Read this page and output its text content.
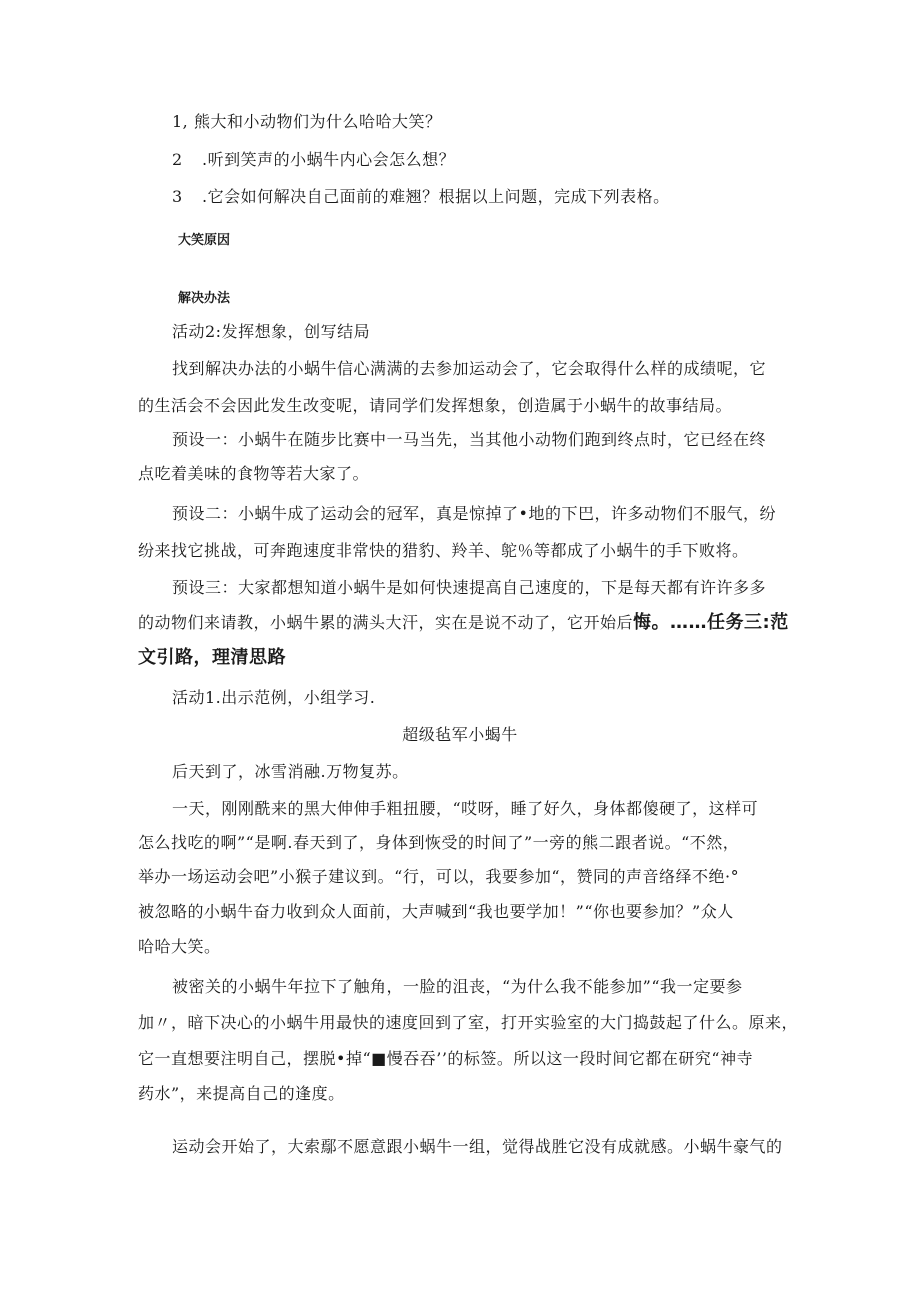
1, 熊大和小动物们为什么哈哈大笑？
2 .听到笑声的小蜗牛内心会怎么想？
3 .它会如何解决自己面前的难翘？根据以上问题，完成下列表格。
大笑原因
解决办法
活动2:发挥想象，创写结局
找到解决办法的小蜗牛信心满满的去参加运动会了，它会取得什么样的成绩呢，它
的生活会不会因此发生改变呢，请同学们发挥想象，创造属于小蜗牛的故事结局。
预设一：小蜗牛在随步比赛中一马当先，当其他小动物们跑到终点时，它已经在终
点吃着美味的食物等若大家了。
预设二：小蜗牛成了运动会的冠军，真是惊掉了•地的下巴，许多动物们不服气，纷
纷来找它挑战，可奔跑速度非常快的猎豹、羚羊、鸵％等都成了小蜗牛的手下败将。
预设三：大家都想知道小蜗牛是如何快速提高自己速度的，下是每天都有许许多多
的动物们来请教，小蜗牛累的满头大汗，实在是说不动了，它开始后悔。……任务三:范
文引路，理清思路
活动1.出示范例，小组学习.
超级毡军小蝎牛
后天到了，冰雪消融.万物复苏。
一天，刚刚酰来的黑大伸伸手粗扭腰，“哎呀，睡了好久，身体都傻硬了，这样可
怎么找吃的啊”“是啊.春天到了，身体到恢受的时间了”一旁的熊二跟者说。“不然，
举办一场运动会吧”小猴子建议到。“行，可以，我要参加“，赞同的声音络绎不绝·°
被忽略的小蜗牛奋力收到众人面前，大声喊到“我也要学加！”“你也要参加？”众人
哈哈大笑。
被密关的小蜗牛年拉下了触角，一脸的沮丧，“为什么我不能参加”“我一定要参
加〃，暗下决心的小蜗牛用最快的速度回到了室，打开实验室的大门捣鼓起了什么。原来，
它一直想要注明自己，摆脱•掉“■慢吞吞’’的标签。所以这一段时间它都在研究“神寺
药水”，来提高自己的逢度。
运动会开始了，大索鄢不愿意跟小蜗牛一组，觉得战胜它没有成就感。小蜗牛豪气的
